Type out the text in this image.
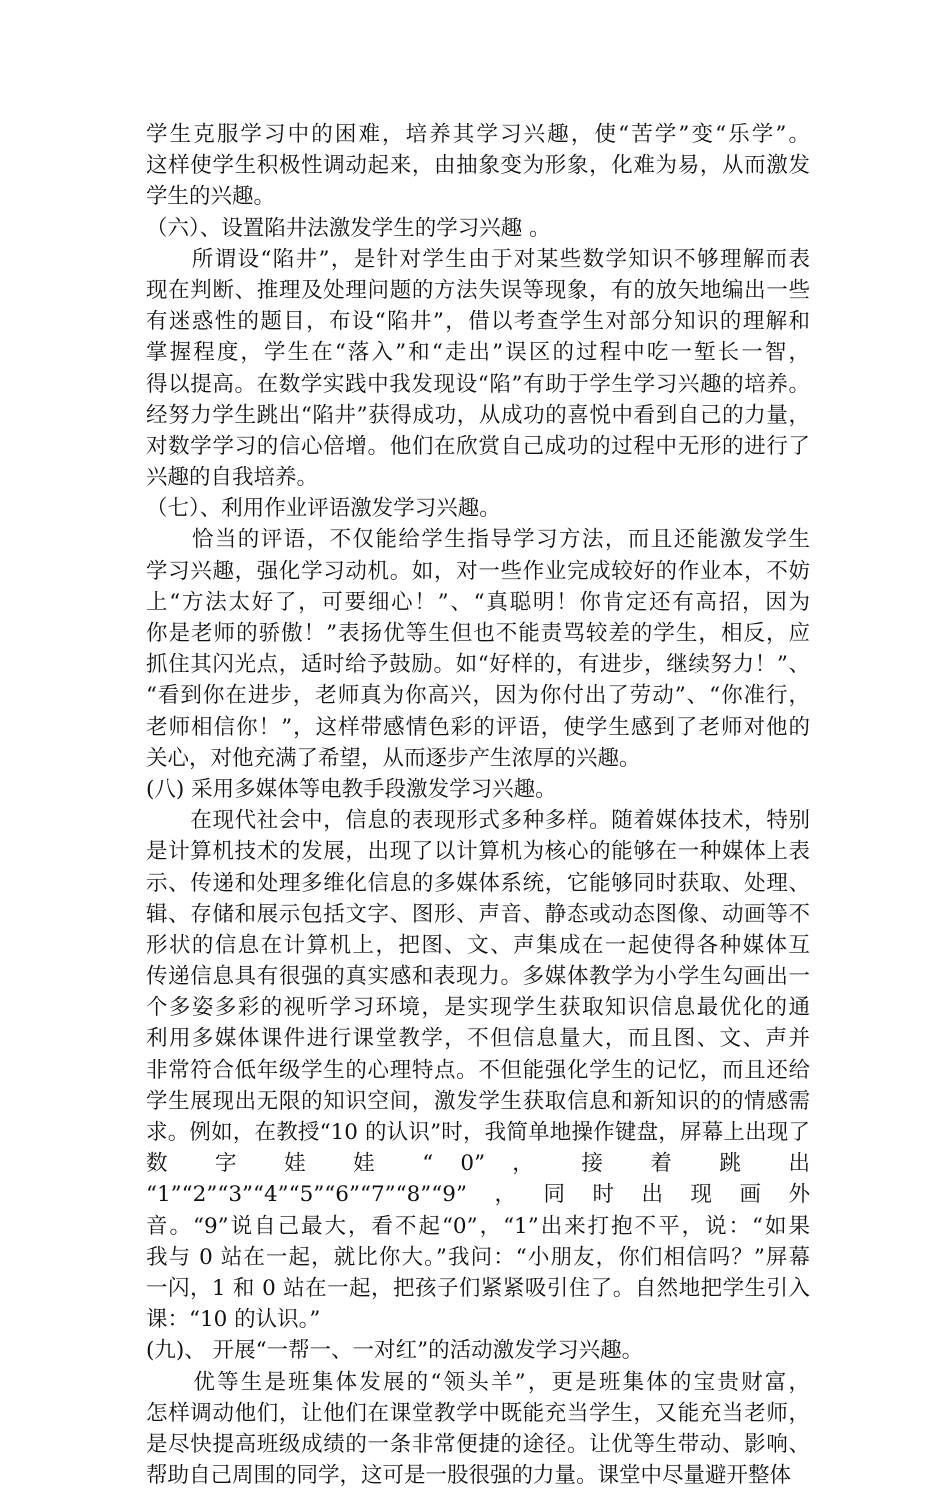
学生克服学习中的困难，培养其学习兴趣，使“苦学”变“乐学”。
这样使学生积极性调动起来，由抽象变为形象，化难为易，从而激发
学生的兴趣。
（六）、设置陷井法激发学生的学习兴趣 。
　　所谓设“陷井”，是针对学生由于对某些数学知识不够理解而表
现在判断、推理及处理问题的方法失误等现象，有的放矢地编出一些
有迷惑性的题目，布设“陷井”，借以考查学生对部分知识的理解和
掌握程度，学生在“落入”和“走出”误区的过程中吃一堑长一智，
得以提高。在数学实践中我发现设“陷”有助于学生学习兴趣的培养。
经努力学生跳出“陷井”获得成功，从成功的喜悦中看到自己的力量，
对数学学习的信心倍增。他们在欣赏自己成功的过程中无形的进行了
兴趣的自我培养。
（七）、利用作业评语激发学习兴趣。
　　恰当的评语，不仅能给学生指导学习方法，而且还能激发学生
学习兴趣，强化学习动机。如，对一些作业完成较好的作业本，不妨
上“方法太好了，可要细心！”、“真聪明！你肯定还有高招，因为
你是老师的骄傲！”表扬优等生但也不能责骂较差的学生，相反，应
抓住其闪光点，适时给予鼓励。如“好样的，有进步，继续努力！”、
“看到你在进步，老师真为你高兴，因为你付出了劳动”、“你准行，
老师相信你！”，这样带感情色彩的评语，使学生感到了老师对他的
关心，对他充满了希望，从而逐步产生浓厚的兴趣。
(八) 采用多媒体等电教手段激发学习兴趣。
　　在现代社会中，信息的表现形式多种多样。随着媒体技术，特别
是计算机技术的发展，出现了以计算机为核心的能够在一种媒体上表
示、传递和处理多维化信息的多媒体系统，它能够同时获取、处理、
辑、存储和展示包括文字、图形、声音、静态或动态图像、动画等不
形状的信息在计算机上，把图、文、声集成在一起使得各种媒体互
传递信息具有很强的真实感和表现力。多媒体教学为小学生勾画出一
个多姿多彩的视听学习环境，是实现学生获取知识信息最优化的通
利用多媒体课件进行课堂教学，不但信息量大，而且图、文、声并
非常符合低年级学生的心理特点。不但能强化学生的记忆，而且还给
学生展现出无限的知识空间，激发学生获取信息和新知识的的情感需
求。例如，在教授“10 的认识”时，我简单地操作键盘，屏幕上出现了
数 字 娃 娃 “ 0” ， 接 着 跳 出
“1”“2”“3”“4”“5”“6”“7”“8”“9”，同时出现画外
音。“9”说自己最大，看不起“0”，“1”出来打抱不平，说：“如果
我与 0 站在一起，就比你大。”我问：“小朋友，你们相信吗？”屏幕
一闪，1 和 0 站在一起，把孩子们紧紧吸引住了。自然地把学生引入
课：“10 的认识。”
(九)、 开展“一帮一、一对红”的活动激发学习兴趣。
　　优等生是班集体发展的“领头羊”，更是班集体的宝贵财富，
怎样调动他们，让他们在课堂教学中既能充当学生，又能充当老师，
是尽快提高班级成绩的一条非常便捷的途径。让优等生带动、影响、
帮助自己周围的同学，这可是一股很强的力量。课堂中尽量避开整体
